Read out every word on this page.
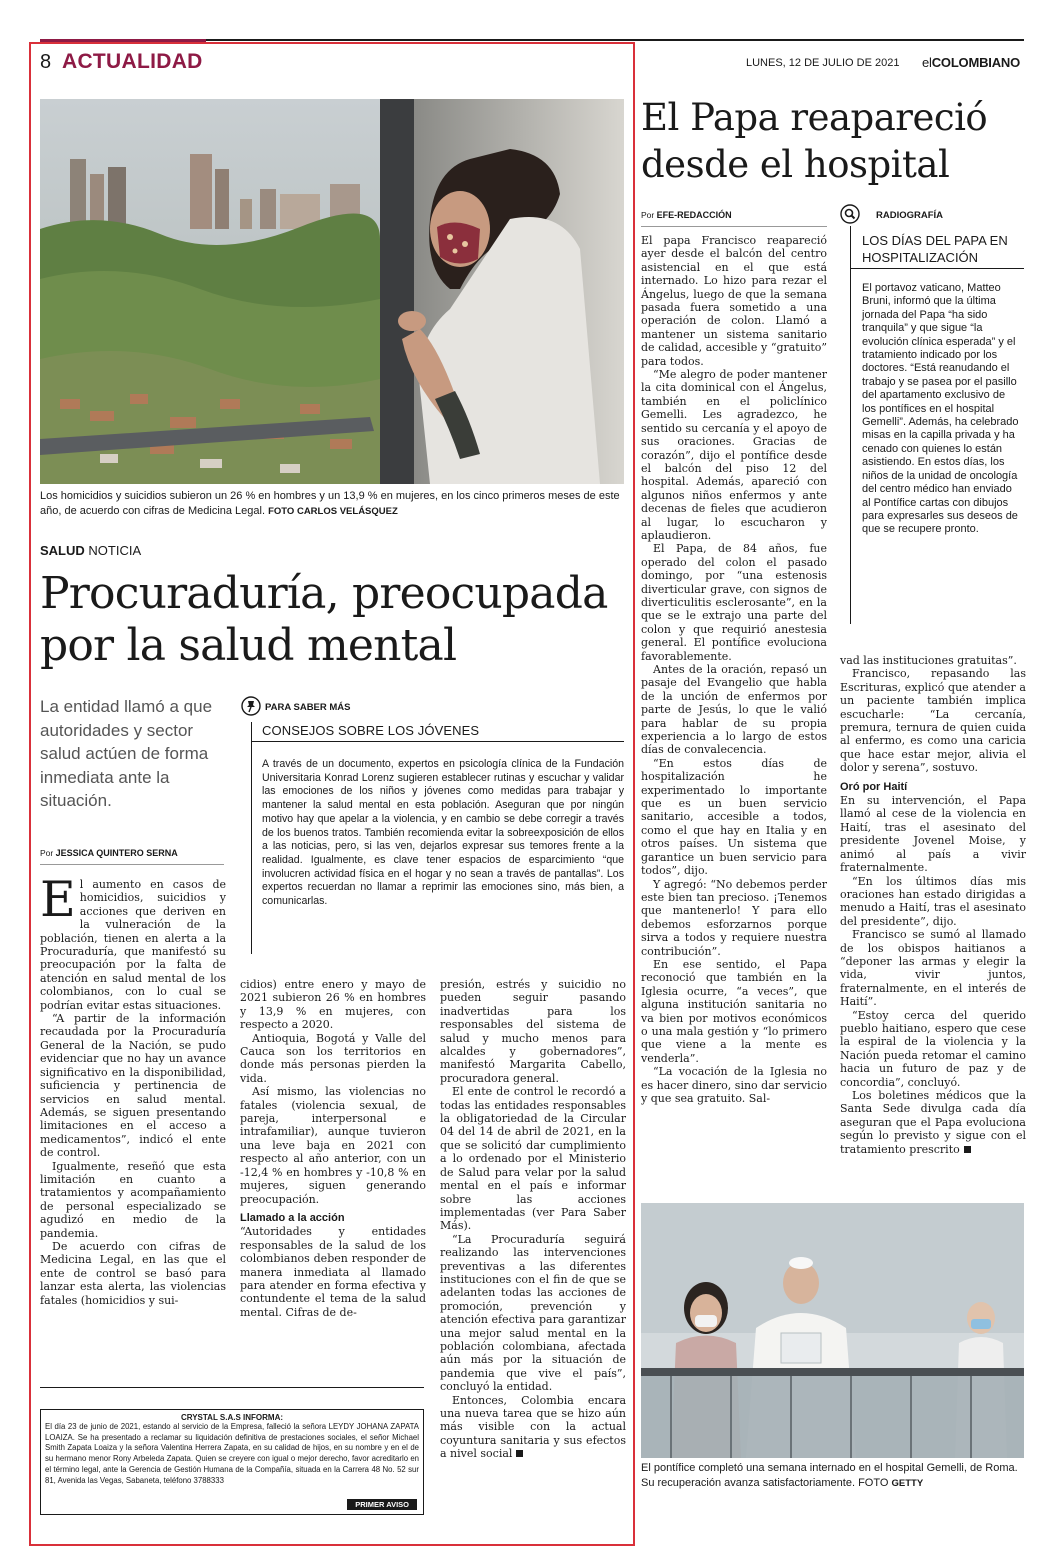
8 ACTUALIDAD	LUNES, 12 DE JULIO DE 2021 elCOLOMBIANO
Los homicidios y suicidios subieron un 26 % en hombres y un 13,9 % en mujeres, en los cinco primeros meses de este año, de acuerdo con cifras de Medicina Legal. FOTO CARLOS VELÁSQUEZ
SALUD NOTICIA
Procuraduría, preocupada por la salud mental
La entidad llamó a que autoridades y sector salud actúen de forma inmediata ante la situación.
Por JESSICA QUINTERO SERNA
PARA SABER MÁS
CONSEJOS SOBRE LOS JÓVENES
A través de un documento, expertos en psicología clínica de la Fundación Universitaria Konrad Lorenz sugieren establecer rutinas y escuchar y validar las emociones de los niños y jóvenes como medidas para trabajar y mantener la salud mental en esta población. Aseguran que por ningún motivo hay que apelar a la violencia, y en cambio se debe corregir a través de los buenos tratos. También recomienda evitar la sobreexposición de ellos a las noticias, pero, si las ven, dejarlos expresar sus temores frente a la realidad. Igualmente, es clave tener espacios de esparcimiento “que involucren actividad física en el hogar y no sean a través de pantallas”. Los expertos recuerdan no llamar a reprimir las emociones sino, más bien, a comunicarlas.

El aumento en casos de homicidios, suicidios y acciones que deriven en la vulneración de la población, tienen en alerta a la Procuraduría, que manifestó su preocupación por la falta de atención en salud mental de los colombianos, con lo cual se podrían evitar estas situaciones.

“A partir de la información recaudada por la Procuraduría General de la Nación, se pudo evidenciar que no hay un avance significativo en la disponibilidad, suficiencia y pertinencia de servicios en salud mental. Además, se siguen presentando limitaciones en el acceso a medicamentos”, indicó el ente de control.

Igualmente, reseñó que esta limitación en cuanto a tratamientos y acompañamiento de personal especializado se agudizó en medio de la pandemia.

De acuerdo con cifras de Medicina Legal, en las que el ente de control se basó para lanzar esta alerta, las violencias fatales (homicidios y sui-

cidios) entre enero y mayo de 2021 subieron 26 % en hombres y 13,9 % en mujeres, con respecto a 2020.

Antioquia, Bogotá y Valle del Cauca son los territorios en donde más personas pierden la vida.

Así mismo, las violencias no fatales (violencia sexual, de pareja, interpersonal e intrafamiliar), aunque tuvieron una leve baja en 2021 con respecto al año anterior, con un -12,4 % en hombres y -10,8 % en mujeres, siguen generando preocupación.

Llamado a la acción

“Autoridades y entidades responsables de la salud de los colombianos deben responder de manera inmediata al llamado para atender en forma efectiva y contundente el tema de la salud mental. Cifras de de-

presión, estrés y suicidio no pueden seguir pasando inadvertidas para los responsables del sistema de salud y mucho menos para alcaldes y gobernadores”, manifestó Margarita Cabello, procuradora general.

El ente de control le recordó a todas las entidades responsables la obligatoriedad de la Circular 04 del 14 de abril de 2021, en la que se solicitó dar cumplimiento a lo ordenado por el Ministerio de Salud para velar por la salud mental en el país e informar sobre las acciones implementadas (ver Para Saber Más).

“La Procuraduría seguirá realizando las intervenciones preventivas a las diferentes instituciones con el fin de que se adelanten todas las acciones de promoción, prevención y atención efectiva para garantizar una mejor salud mental en la población colombiana, afectada aún más por la situación de pandemia que vive el país”, concluyó la entidad.

Entonces, Colombia encara una nueva tarea que se hizo aún más visible con la actual coyuntura sanitaria y sus efectos a nivel social

CRYSTAL S.A.S INFORMA:
El día 23 de junio de 2021, estando al servicio de la Empresa, falleció la señora LEYDY JOHANA ZAPATA LOAIZA. Se ha presentado a reclamar su liquidación definitiva de prestaciones sociales, el señor Michael Smith Zapata Loaiza y la señora Valentina Herrera Zapata, en su calidad de hijos, en su nombre y en el de su hermano menor Rony Arbeleda Zapata. Quien se creyere con igual o mejor derecho, favor acreditarlo en el término legal, ante la Gerencia de Gestión Humana de la Compañía, situada en la Carrera 48 No. 52 sur 81, Avenida las Vegas, Sabaneta, teléfono 3788333
PRIMER AVISO
El Papa reapareció desde el hospital
Por EFE-REDACCIÓN

El papa Francisco reapareció ayer desde el balcón del centro asistencial en el que está internado. Lo hizo para rezar el Ángelus, luego de que la semana pasada fuera sometido a una operación de colon. Llamó a mantener un sistema sanitario de calidad, accesible y “gratuito” para todos.

“Me alegro de poder mantener la cita dominical con el Ángelus, también en el policlínico Gemelli. Les agradezco, he sentido su cercanía y el apoyo de sus oraciones. Gracias de corazón”, dijo el pontífice desde el balcón del piso 12 del hospital. Además, apareció con algunos niños enfermos y ante decenas de fieles que acudieron al lugar, lo escucharon y aplaudieron.

El Papa, de 84 años, fue operado del colon el pasado domingo, por “una estenosis diverticular grave, con signos de diverticulitis esclerosante”, en la que se le extrajo una parte del colon y que requirió anestesia general. El pontífice evoluciona favorablemente.

Antes de la oración, repasó un pasaje del Evangelio que habla de la unción de enfermos por parte de Jesús, lo que le valió para hablar de su propia experiencia a lo largo de estos días de convalecencia.

“En estos días de hospitalización he experimentado lo importante que es un buen servicio sanitario, accesible a todos, como el que hay en Italia y en otros países. Un sistema que garantice un buen servicio para todos”, dijo.

Y agregó: “No debemos perder este bien tan precioso. ¡Tenemos que mantenerlo! Y para ello debemos esforzarnos porque sirva a todos y requiere nuestra contribución”.

En ese sentido, el Papa reconoció que también en la Iglesia ocurre, “a veces”, que alguna institución sanitaria no va bien por motivos económicos o una mala gestión y “lo primero que viene a la mente es venderla”.

“La vocación de la Iglesia no es hacer dinero, sino dar servicio y que sea gratuito. Sal-

RADIOGRAFÍA
LOS DÍAS DEL PAPA EN HOSPITALIZACIÓN
El portavoz vaticano, Matteo Bruni, informó que la última jornada del Papa “ha sido tranquila” y que sigue “la evolución clínica esperada” y el tratamiento indicado por los doctores. “Está reanudando el trabajo y se pasea por el pasillo del apartamento exclusivo de los pontífices en el hospital Gemelli”. Además, ha celebrado misas en la capilla privada y ha cenado con quienes lo están asistiendo. En estos días, los niños de la unidad de oncología del centro médico han enviado al Pontífice cartas con dibujos para expresarles sus deseos de que se recupere pronto.

vad las instituciones gratuitas”.

Francisco, repasando las Escrituras, explicó que atender a un paciente también implica escucharle: “La cercanía, premura, ternura de quien cuida al enfermo, es como una caricia que hace estar mejor, alivia el dolor y serena”, sostuvo.

Oró por Haití

En su intervención, el Papa llamó al cese de la violencia en Haití, tras el asesinato del presidente Jovenel Moise, y animó al país a vivir fraternalmente.

“En los últimos días mis oraciones han estado dirigidas a menudo a Haití, tras el asesinato del presidente”, dijo.

Francisco se sumó al llamado de los obispos haitianos a “deponer las armas y elegir la vida, vivir juntos, fraternalmente, en el interés de Haití”.

“Estoy cerca del querido pueblo haitiano, espero que cese la espiral de la violencia y la Nación pueda retomar el camino hacia un futuro de paz y de concordia”, concluyó.

Los boletines médicos que la Santa Sede divulga cada día aseguran que el Papa evoluciona según lo previsto y sigue con el tratamiento prescrito

El pontífice completó una semana internado en el hospital Gemelli, de Roma. Su recuperación avanza satisfactoriamente. FOTO GETTY
